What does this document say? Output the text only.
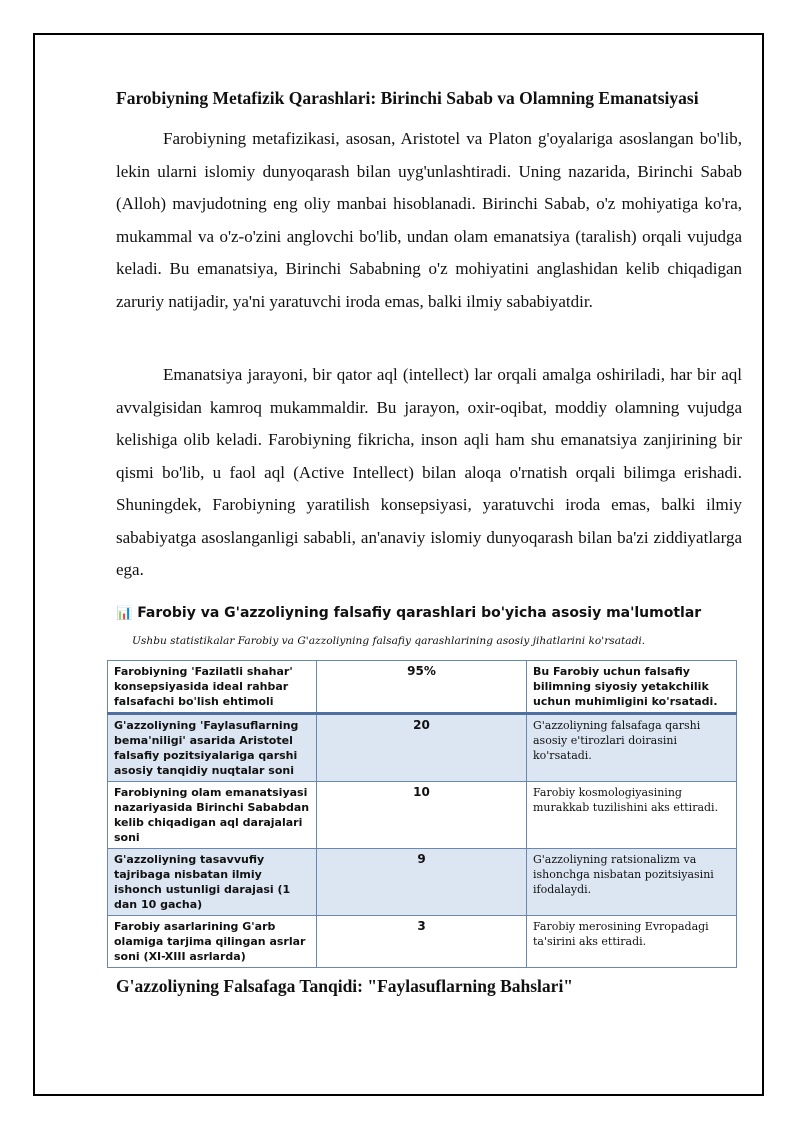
Farobiyning Metafizik Qarashlari: Birinchi Sabab va Olamning Emanatsiyasi

Farobiyning metafizikasi, asosan, Aristotel va Platon g'oyalariga asoslangan bo'lib, lekin ularni islomiy dunyoqarash bilan uyg'unlashtiradi. Uning nazarida, Birinchi Sabab (Alloh) mavjudotning eng oliy manbai hisoblanadi. Birinchi Sabab, o'z mohiyatiga ko'ra, mukammal va o'z-o'zini anglovchi bo'lib, undan olam emanatsiya (taralish) orqali vujudga keladi. Bu emanatsiya, Birinchi Sababning o'z mohiyatini anglashidan kelib chiqadigan zaruriy natijadir, ya'ni yaratuvchi iroda emas, balki ilmiy sababiyatdir.

Emanatsiya jarayoni, bir qator aql (intellect) lar orqali amalga oshiriladi, har bir aql avvalgisidan kamroq mukammaldir. Bu jarayon, oxir-oqibat, moddiy olamning vujudga kelishiga olib keladi. Farobiyning fikricha, inson aqli ham shu emanatsiya zanjirining bir qismi bo'lib, u faol aql (Active Intellect) bilan aloqa o'rnatish orqali bilimga erishadi. Shuningdek, Farobiyning yaratilish konsepsiyasi, yaratuvchi iroda emas, balki ilmiy sababiyatga asoslanganligi sababli, an'anaviy islomiy dunyoqarash bilan ba'zi ziddiyatlarga ega.

📊 Farobiy va G'azzoliyning falsafiy qarashlari bo'yicha asosiy ma'lumotlar
Ushbu statistikalar Farobiy va G'azzoliyning falsafiy qarashlarining asosiy jihatlarini ko'rsatadi.
Farobiyning 'Fazilatli shahar' konsepsiyasida ideal rahbar falsafachi bo'lish ehtimoli	95%	Bu Farobiy uchun falsafiy bilimning siyosiy yetakchilik uchun muhimligini ko'rsatadi.
G'azzoliyning 'Faylasuflarning bema'niligi' asarida Aristotel falsafiy pozitsiyalariga qarshi asosiy tanqidiy nuqtalar soni	20	G'azzoliyning falsafaga qarshi asosiy e'tirozlari doirasini ko'rsatadi.
Farobiyning olam emanatsiyasi nazariyasida Birinchi Sababdan kelib chiqadigan aql darajalari soni	10	Farobiy kosmologiyasining murakkab tuzilishini aks ettiradi.
G'azzoliyning tasavvufiy tajribaga nisbatan ilmiy ishonch ustunligi darajasi (1 dan 10 gacha)	9	G'azzoliyning ratsionalizm va ishonchga nisbatan pozitsiyasini ifodalaydi.
Farobiy asarlarining G'arb olamiga tarjima qilingan asrlar soni (XI-XIII asrlarda)	3	Farobiy merosining Evropadagi ta'sirini aks ettiradi.
G'azzoliyning Falsafaga Tanqidi: "Faylasuflarning Bahslari"
